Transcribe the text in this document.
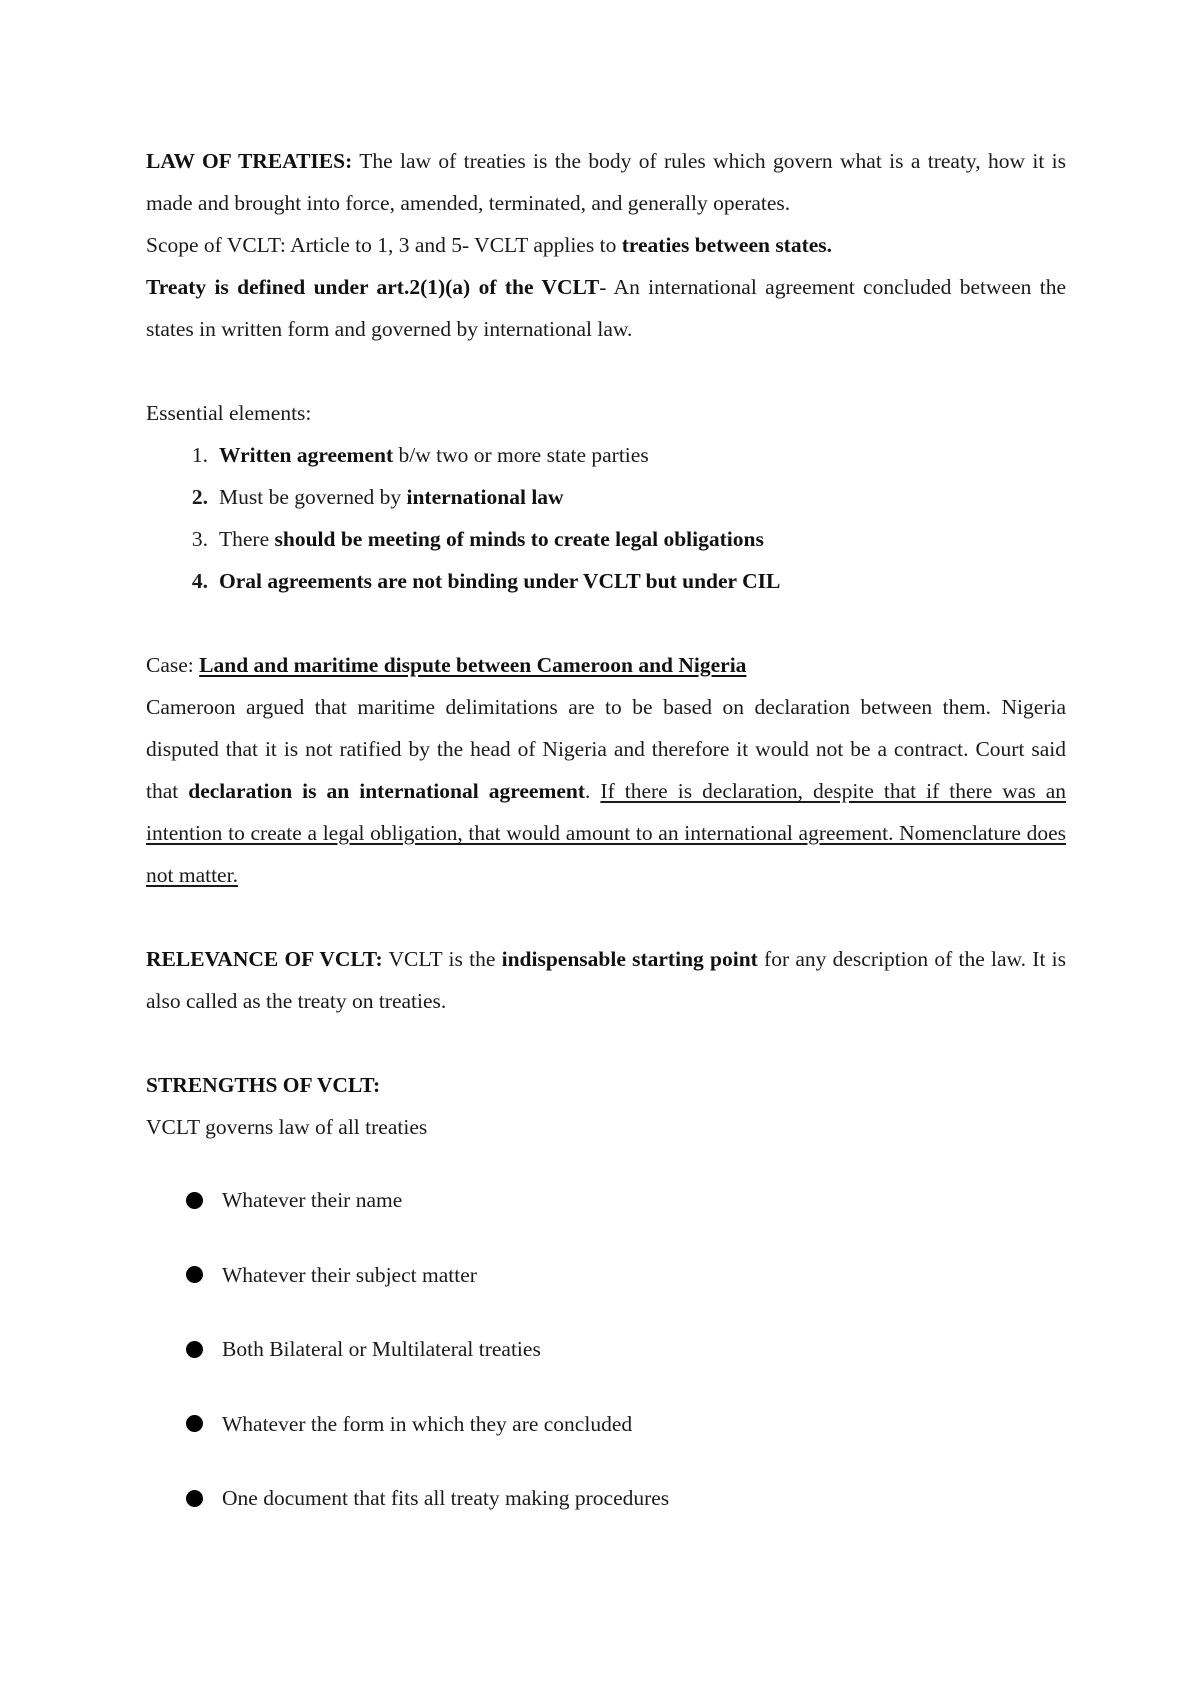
LAW OF TREATIES: The law of treaties is the body of rules which govern what is a treaty, how it is made and brought into force, amended, terminated, and generally operates.

Scope of VCLT: Article to 1, 3 and 5- VCLT applies to treaties between states.

Treaty is defined under art.2(1)(a) of the VCLT- An international agreement concluded between the states in written form and governed by international law.

Essential elements:

1. Written agreement b/w two or more state parties
2. Must be governed by international law
3. There should be meeting of minds to create legal obligations
4. Oral agreements are not binding under VCLT but under CIL

Case: Land and maritime dispute between Cameroon and Nigeria

Cameroon argued that maritime delimitations are to be based on declaration between them. Nigeria disputed that it is not ratified by the head of Nigeria and therefore it would not be a contract. Court said that declaration is an international agreement. If there is declaration, despite that if there was an intention to create a legal obligation, that would amount to an international agreement. Nomenclature does not matter.

RELEVANCE OF VCLT: VCLT is the indispensable starting point for any description of the law. It is also called as the treaty on treaties.

STRENGTHS OF VCLT:

VCLT governs law of all treaties

Whatever their name
Whatever their subject matter
Both Bilateral or Multilateral treaties
Whatever the form in which they are concluded
One document that fits all treaty making procedures
